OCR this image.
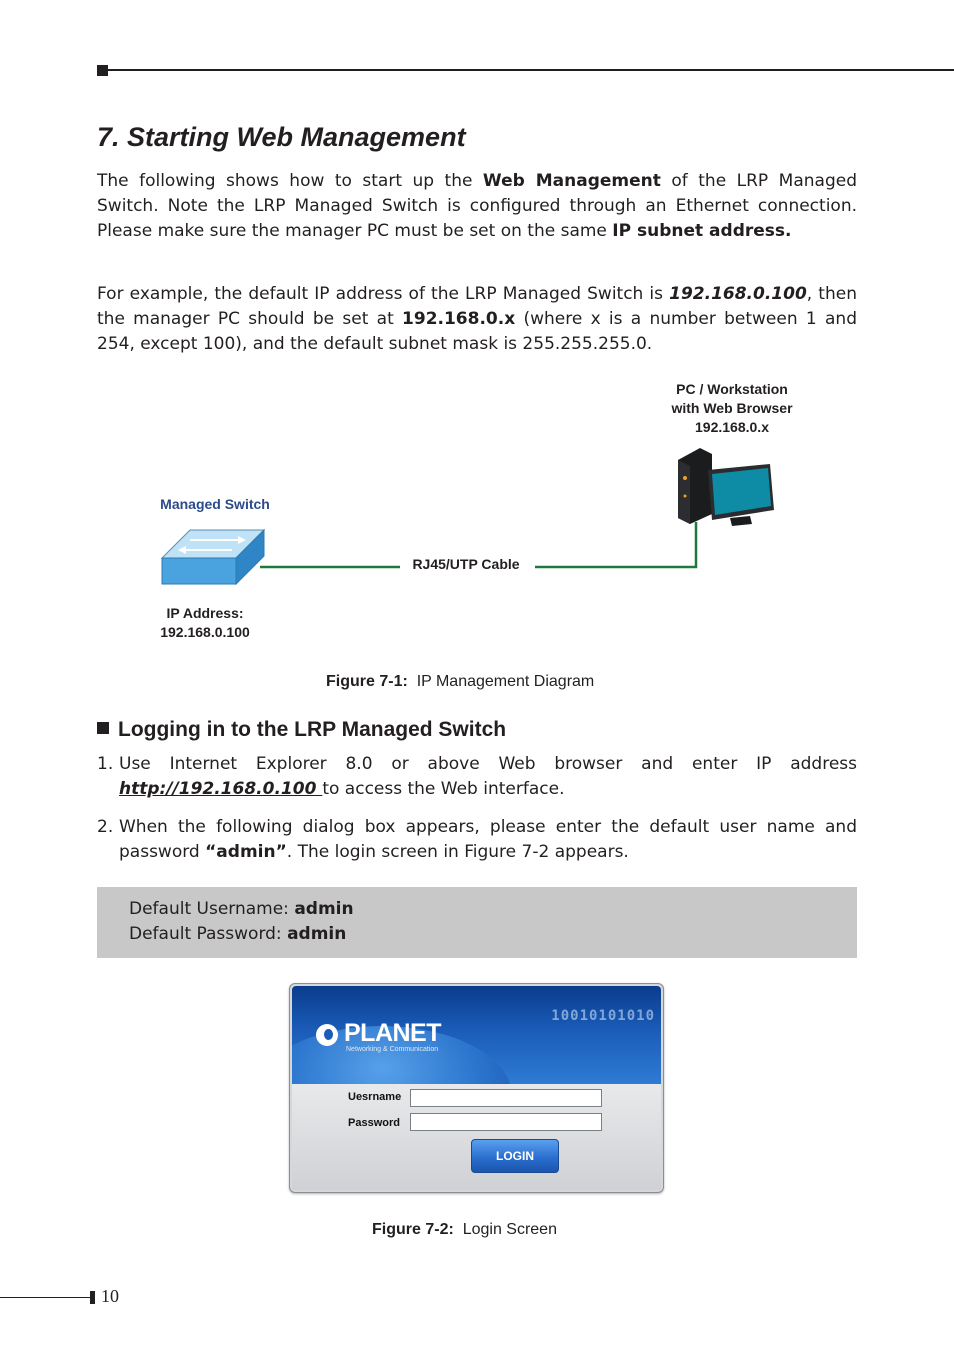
7. Starting Web Management

The following shows how to start up the Web Management of the LRP Managed Switch. Note the LRP Managed Switch is configured through an Ethernet connection. Please make sure the manager PC must be set on the same IP subnet address.

For example, the default IP address of the LRP Managed Switch is 192.168.0.100, then the manager PC should be set at 192.168.0.x (where x is a number between 1 and 254, except 100), and the default subnet mask is 255.255.255.0.

PC / Workstation
with Web Browser
192.168.0.x
Managed Switch
RJ45/UTP Cable
IP Address:
192.168.0.100
Figure 7-1: IP Management Diagram
Logging in to the LRP Managed Switch
1. Use Internet Explorer 8.0 or above Web browser and enter IP address http://192.168.0.100 to access the Web interface.
2. When the following dialog box appears, please enter the default user name and password “admin”. The login screen in Figure 7-2 appears.
Default Username: admin
Default Password: admin
10010101010
PLANET
Networking & Communication
Uesrname
Password
LOGIN
Figure 7-2: Login Screen
10
